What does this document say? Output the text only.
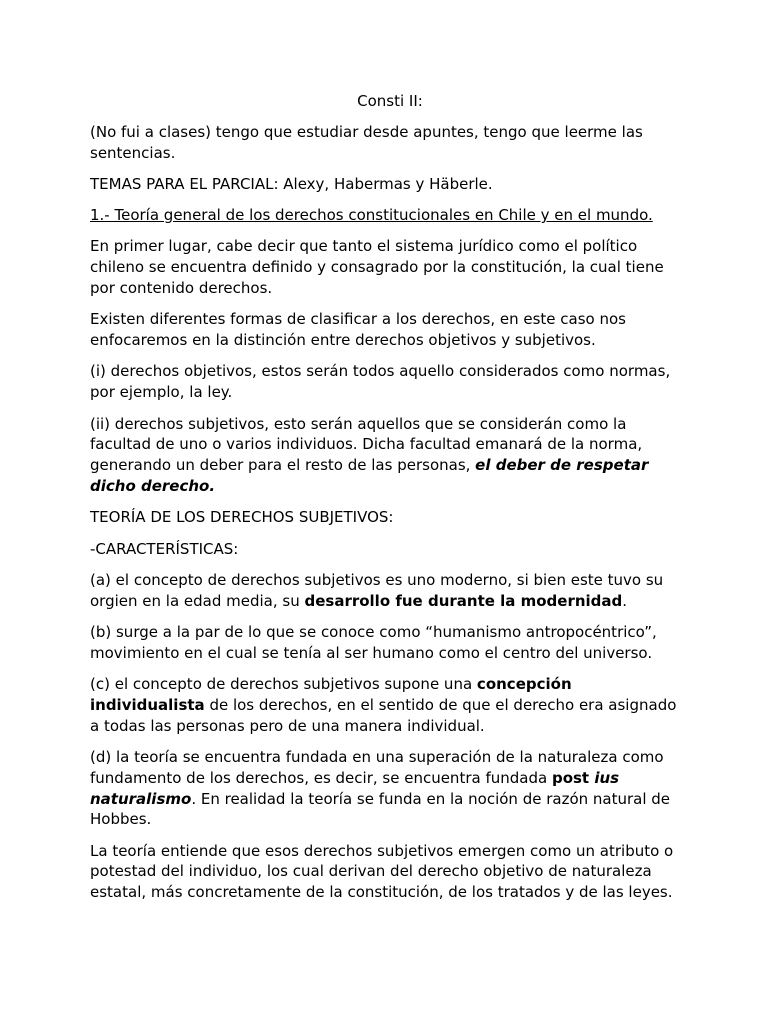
Consti II:
(No fui a clases) tengo que estudiar desde apuntes, tengo que leerme las sentencias.
TEMAS PARA EL PARCIAL: Alexy, Habermas y Häberle.
1.- Teoría general de los derechos constitucionales en Chile y en el mundo.
En primer lugar, cabe decir que tanto el sistema jurídico como el político chileno se encuentra definido y consagrado por la constitución, la cual tiene por contenido derechos.
Existen diferentes formas de clasificar a los derechos, en este caso nos enfocaremos en la distinción entre derechos objetivos y subjetivos.
(i) derechos objetivos, estos serán todos aquello considerados como normas, por ejemplo, la ley.
(ii) derechos subjetivos, esto serán aquellos que se considerán como la facultad de uno o varios individuos. Dicha facultad emanará de la norma, generando un deber para el resto de las personas, el deber de respetar dicho derecho.
TEORÍA DE LOS DERECHOS SUBJETIVOS:
-CARACTERÍSTICAS:
(a) el concepto de derechos subjetivos es uno moderno, si bien este tuvo su orgien en la edad media, su desarrollo fue durante la modernidad.
(b) surge a la par de lo que se conoce como “humanismo antropocéntrico”, movimiento en el cual se tenía al ser humano como el centro del universo.
(c) el concepto de derechos subjetivos supone una concepción individualista de los derechos, en el sentido de que el derecho era asignado a todas las personas pero de una manera individual.
(d) la teoría se encuentra fundada en una superación de la naturaleza como fundamento de los derechos, es decir, se encuentra fundada post ius naturalismo. En realidad la teoría se funda en la noción de razón natural de Hobbes.
La teoría entiende que esos derechos subjetivos emergen como un atributo o potestad del individuo, los cual derivan del derecho objetivo de naturaleza estatal, más concretamente de la constitución, de los tratados y de las leyes.
